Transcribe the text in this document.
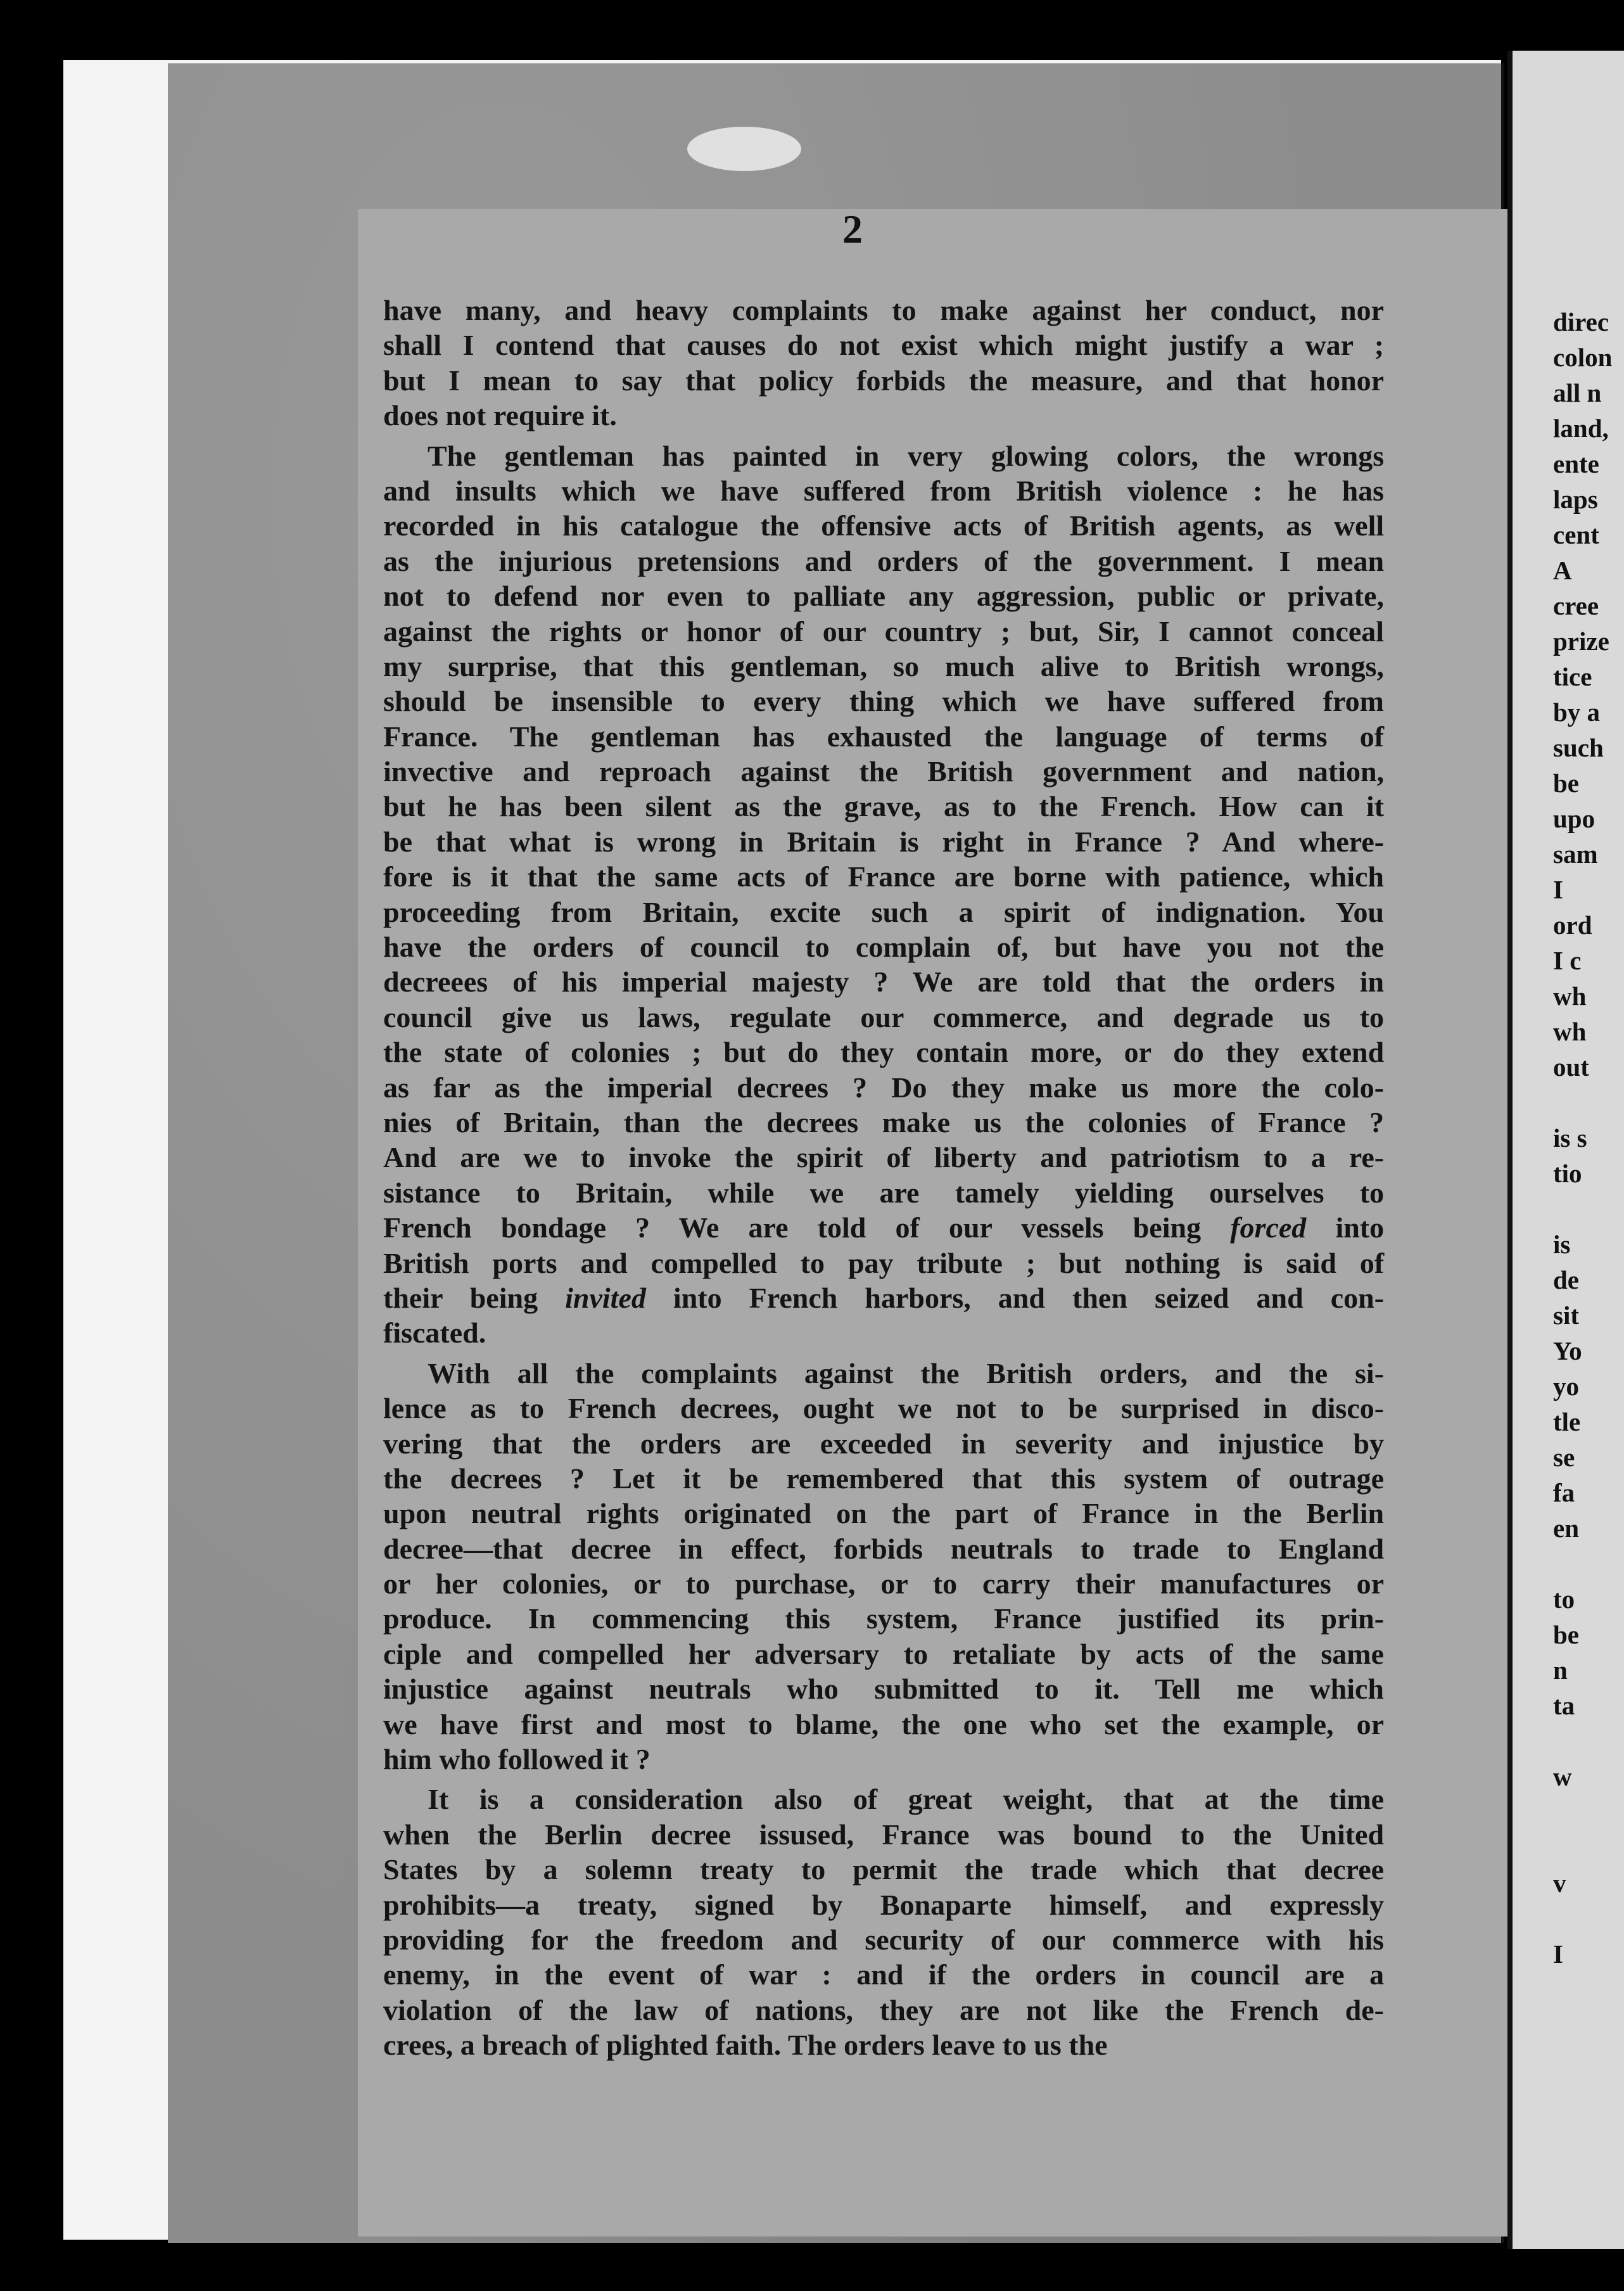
direc
colon
all n
land,
ente
laps
cent
A
cree
prize
tice
by a
such
be
upo
sam
I
ord
I c
wh
wh
out
is s
tio
is
de
sit
Yo
yo
tle
se
fa
en
to
be
n
ta
w
v
I
2
have many, and heavy complaints to make against her conduct, nor
shall I contend that causes do not exist which might justify a war ;
but I mean to say that policy forbids the measure, and that honor
does not require it.
The gentleman has painted in very glowing colors, the wrongs
and insults which we have suffered from British violence : he has
recorded in his catalogue the offensive acts of British agents, as well
as the injurious pretensions and orders of the government. I mean
not to defend nor even to palliate any aggression, public or private,
against the rights or honor of our country ; but, Sir, I cannot conceal
my surprise, that this gentleman, so much alive to British wrongs,
should be insensible to every thing which we have suffered from
France. The gentleman has exhausted the language of terms of
invective and reproach against the British government and nation,
but he has been silent as the grave, as to the French. How can it
be that what is wrong in Britain is right in France ? And where-
fore is it that the same acts of France are borne with patience, which
proceeding from Britain, excite such a spirit of indignation. You
have the orders of council to complain of, but have you not the
decreees of his imperial majesty ? We are told that the orders in
council give us laws, regulate our commerce, and degrade us to
the state of colonies ; but do they contain more, or do they extend
as far as the imperial decrees ? Do they make us more the colo-
nies of Britain, than the decrees make us the colonies of France ?
And are we to invoke the spirit of liberty and patriotism to a re-
sistance to Britain, while we are tamely yielding ourselves to
French bondage ? We are told of our vessels being forced into
British ports and compelled to pay tribute ; but nothing is said of
their being invited into French harbors, and then seized and con-
fiscated.
With all the complaints against the British orders, and the si-
lence as to French decrees, ought we not to be surprised in disco-
vering that the orders are exceeded in severity and injustice by
the decrees ? Let it be remembered that this system of outrage
upon neutral rights originated on the part of France in the Berlin
decree—that decree in effect, forbids neutrals to trade to England
or her colonies, or to purchase, or to carry their manufactures or
produce. In commencing this system, France justified its prin-
ciple and compelled her adversary to retaliate by acts of the same
injustice against neutrals who submitted to it. Tell me which
we have first and most to blame, the one who set the example, or
him who followed it ?
It is a consideration also of great weight, that at the time
when the Berlin decree issused, France was bound to the United
States by a solemn treaty to permit the trade which that decree
prohibits—a treaty, signed by Bonaparte himself, and expressly
providing for the freedom and security of our commerce with his
enemy, in the event of war : and if the orders in council are a
violation of the law of nations, they are not like the French de-
crees, a breach of plighted faith. The orders leave to us the
